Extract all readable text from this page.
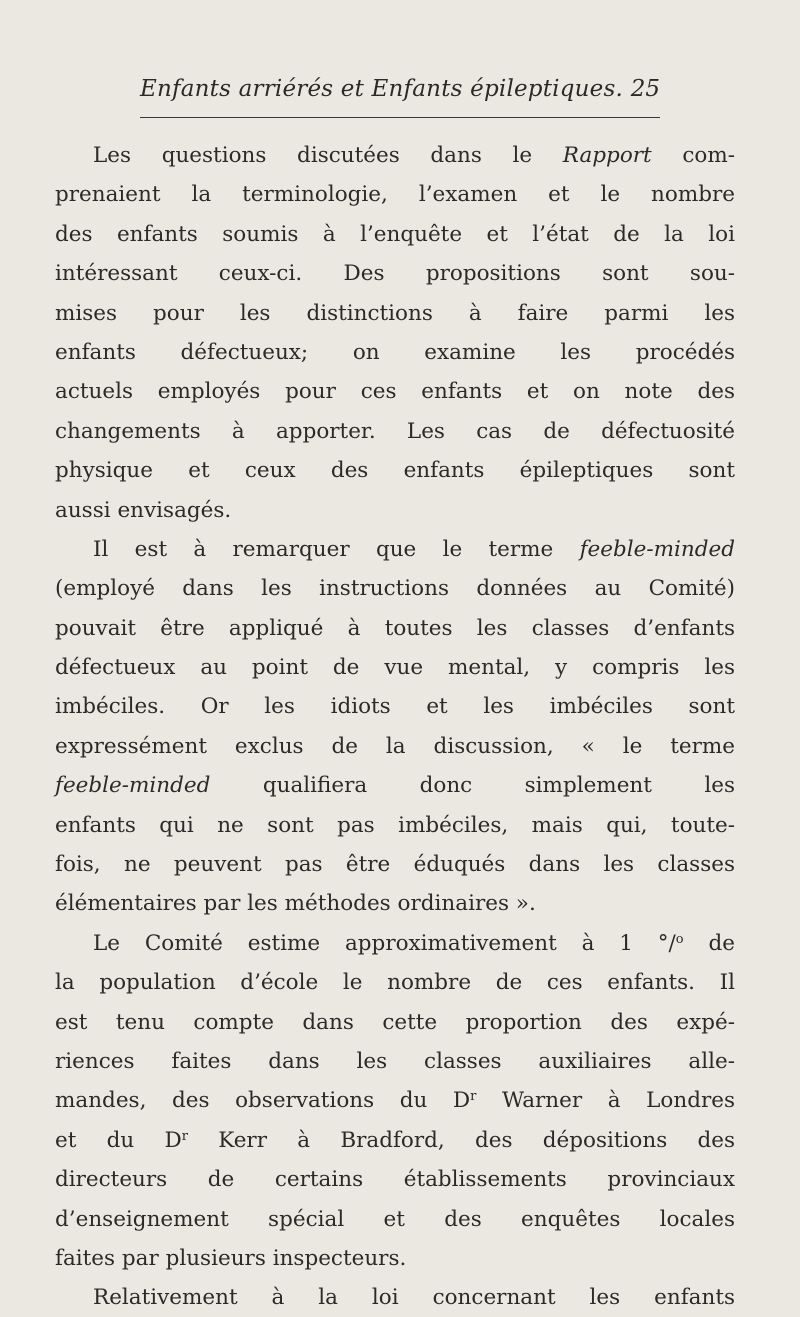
Enfants arriérés et Enfants épileptiques. 25
Les questions discutées dans le Rapport com-
prenaient la terminologie, l’examen et le nombre
des enfants soumis à l’enquête et l’état de la loi
intéressant ceux-ci. Des propositions sont sou-
mises pour les distinctions à faire parmi les
enfants défectueux; on examine les procédés
actuels employés pour ces enfants et on note des
changements à apporter. Les cas de défectuosité
physique et ceux des enfants épileptiques sont
aussi envisagés.
Il est à remarquer que le terme feeble-minded
(employé dans les instructions données au Comité)
pouvait être appliqué à toutes les classes d’enfants
défectueux au point de vue mental, y compris les
imbéciles. Or les idiots et les imbéciles sont
expressément exclus de la discussion, « le terme
feeble-minded qualifiera donc simplement les
enfants qui ne sont pas imbéciles, mais qui, toute-
fois, ne peuvent pas être éduqués dans les classes
élémentaires par les méthodes ordinaires ».
Le Comité estime approximativement à 1 °/$^o$ de
la population d’école le nombre de ces enfants. Il
est tenu compte dans cette proportion des expé-
riences faites dans les classes auxiliaires alle-
mandes, des observations du $D^r$ Warner à Londres
et du $D^r$ Kerr à Bradford, des dépositions des
directeurs de certains établissements provinciaux
d’enseignement spécial et des enquêtes locales
faites par plusieurs inspecteurs.
Relativement à la loi concernant les enfants
